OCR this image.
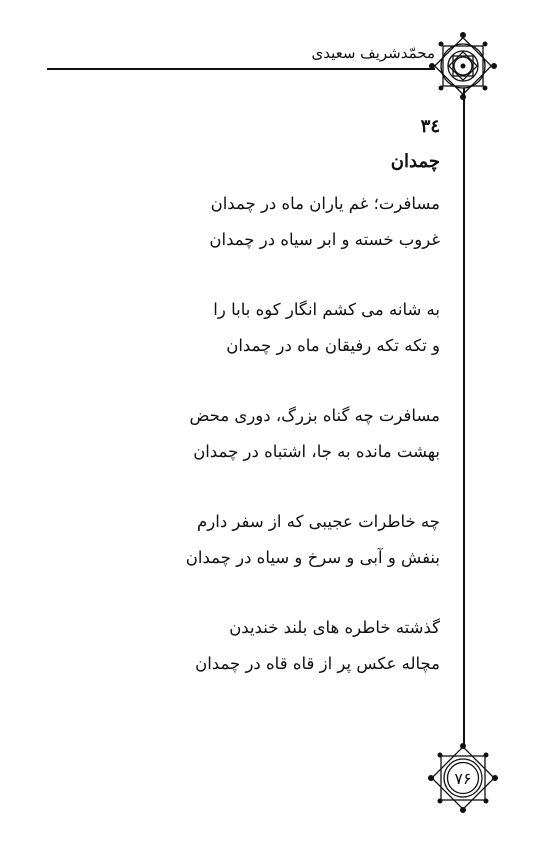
محمّدشریف سعیدی
۳٤
چمدان
مسافرت؛ غم یاران ماه در چمدان
غروب خسته و ابر سیاه در چمدان
به شانه می کشم انگار کوه بابا را
و تکه تکه رفیقان ماه در چمدان
مسافرت چه گناه بزرگ، دوری محض
بهشت مانده به جا، اشتباه در چمدان
چه خاطرات عجیبی که از سفر دارم
بنفش و آبی و سرخ و سیاه در چمدان
گذشته خاطره های بلند خندیدن
مچاله عکس پر از قاه قاه در چمدان
۷۶
